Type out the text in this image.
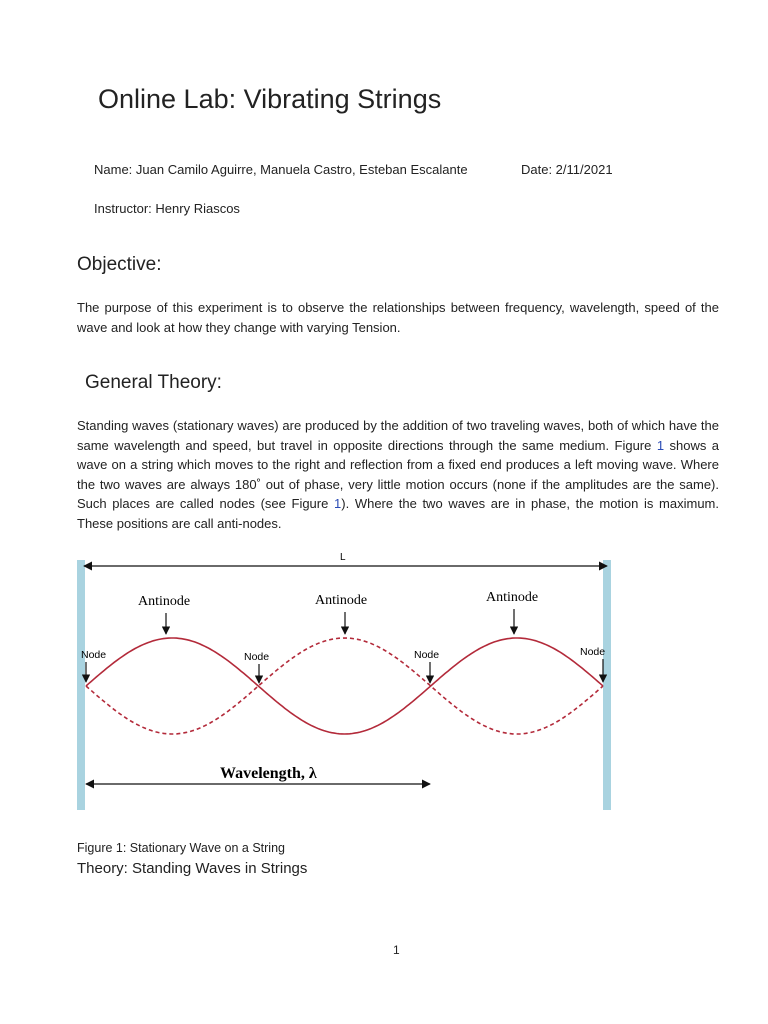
Online Lab: Vibrating Strings
Name: Juan Camilo Aguirre, Manuela Castro, Esteban Escalante	Date: 2/11/2021
Instructor: Henry Riascos
Objective:
The purpose of this experiment is to observe the relationships between frequency, wavelength, speed of the wave and look at how they change with varying Tension.
General Theory:
Standing waves (stationary waves) are produced by the addition of two traveling waves, both of which have the same wavelength and speed, but travel in opposite directions through the same medium. Figure 1 shows a wave on a string which moves to the right and reflection from a fixed end produces a left moving wave. Where the two waves are always 180˚ out of phase, very little motion occurs (none if the amplitudes are the same). Such places are called nodes (see Figure 1). Where the two waves are in phase, the motion is maximum. These positions are call anti-nodes.
L
Antinode	Antinode	Antinode
Node	Node	Node	Node
Wavelength, λ
Figure 1: Stationary Wave on a String
Theory: Standing Waves in Strings
1
